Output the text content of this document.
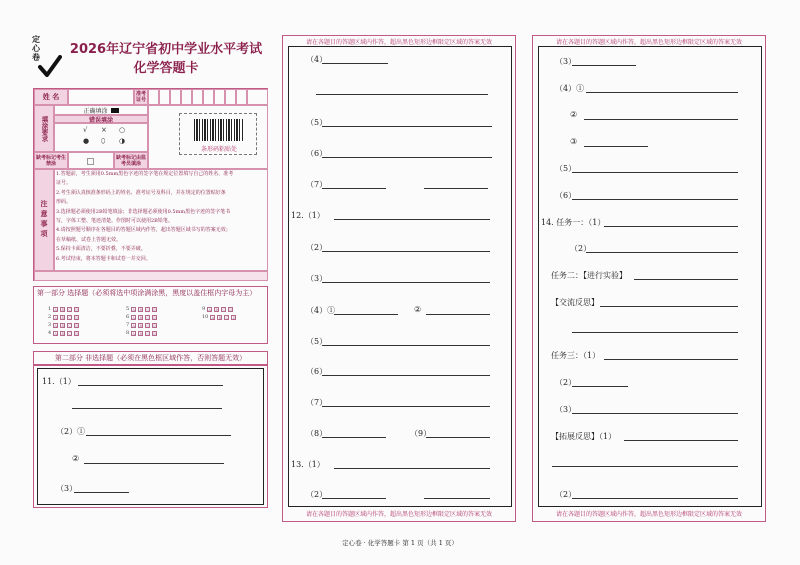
定
心
卷	2026年辽宁省初中学业水平考试
化学答题卡
姓 名	准考证号
填涂要求
正确填涂
错误填涂
√ × ○
● ⬯ ◑
条形码粘贴处
缺考标记考生禁涂
缺考标记由监考员填涂
注意事项
1.答题前，考生须用0.5mm黑色字迹的签字笔在规定位置填写自己的姓名、准考
证号。
2.考生须认真核准条形码上的姓名、准考证号及科目，并在规定的位置贴好条
形码。
3.选择题必须使用2B铅笔填涂；非选择题必须使用0.5mm黑色字迹的签字笔书
写，字体工整、笔迹清楚。作图时可以使用2B铅笔。
4.请按照题号顺序在各题目的答题区域内作答，超出答题区域书写的答案无效；
在草稿纸、试卷上答题无效。
5.保持卡面清洁，不要折叠，不要弄破。
6.考试结束，将本答题卡和试卷一并交回。
第一部分 选择题（必须将选中项涂满涂黑，黑度以盖住框内字母为主）
1 A	B	C	D
2 A	B	C	D
3 A	B	C	D
4 A	B	C	D
5 A	B	C	D
6 A	B	C	D
7 A	B	C	D
8 A	B	C	D
9 A	B	C	D
10 A	B	C	D
第二部分 非选择题（必须在黑色框区域作答，否则答题无效）
11.（1）
（2）①
②
（3）
请在各题目的答题区域内作答，超出黑色矩形边框限定区域的答案无效
请在各题目的答题区域内作答，超出黑色矩形边框限定区域的答案无效
（4）
（5）
（6）
（7）
12.（1）
（2）
（3）
（4）①	②
（5）
（6）
（7）
（8）	（9）
13.（1）
（2）
请在各题目的答题区域内作答，超出黑色矩形边框限定区域的答案无效
请在各题目的答题区域内作答，超出黑色矩形边框限定区域的答案无效
（3）
（4）①
②
③
（5）
（6）
14. 任务一：（1）
（2）
任务二：【进行实验】
【交流反思】
任务三：（1）
（2）
（3）
【拓展反思】（1）
（2）
定心卷 · 化学答题卡 第 1 页（共 1 页）
